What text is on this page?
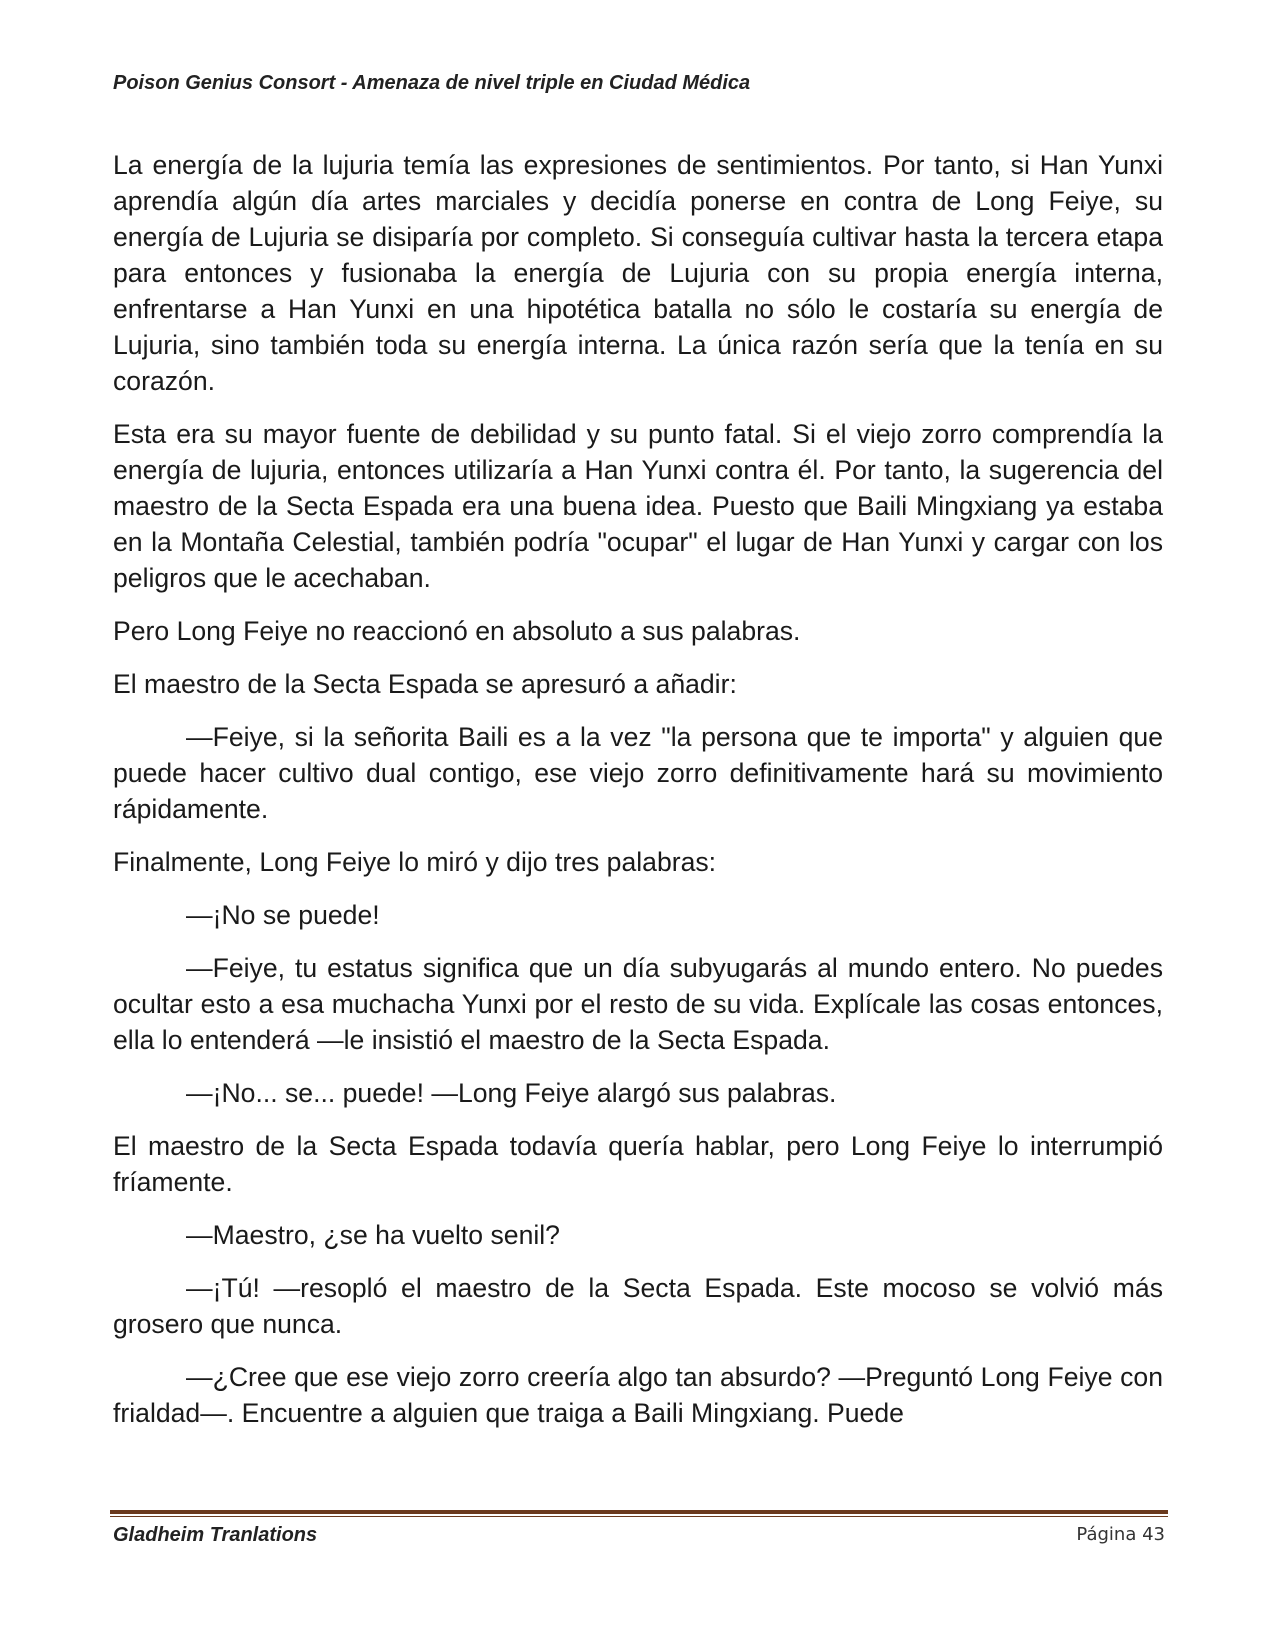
Poison Genius Consort - Amenaza de nivel triple en Ciudad Médica

La energía de la lujuria temía las expresiones de sentimientos. Por tanto, si Han Yunxi aprendía algún día artes marciales y decidía ponerse en contra de Long Feiye, su energía de Lujuria se disiparía por completo. Si conseguía cultivar hasta la tercera etapa para entonces y fusionaba la energía de Lujuria con su propia energía interna, enfrentarse a Han Yunxi en una hipotética batalla no sólo le costaría su energía de Lujuria, sino también toda su energía interna. La única razón sería que la tenía en su corazón.

Esta era su mayor fuente de debilidad y su punto fatal. Si el viejo zorro comprendía la energía de lujuria, entonces utilizaría a Han Yunxi contra él. Por tanto, la sugerencia del maestro de la Secta Espada era una buena idea. Puesto que Baili Mingxiang ya estaba en la Montaña Celestial, también podría "ocupar" el lugar de Han Yunxi y cargar con los peligros que le acechaban.

Pero Long Feiye no reaccionó en absoluto a sus palabras.

El maestro de la Secta Espada se apresuró a añadir:

—Feiye, si la señorita Baili es a la vez "la persona que te importa" y alguien que puede hacer cultivo dual contigo, ese viejo zorro definitivamente hará su movimiento rápidamente.

Finalmente, Long Feiye lo miró y dijo tres palabras:

—¡No se puede!

—Feiye, tu estatus significa que un día subyugarás al mundo entero. No puedes ocultar esto a esa muchacha Yunxi por el resto de su vida. Explícale las cosas entonces, ella lo entenderá —le insistió el maestro de la Secta Espada.

—¡No... se... puede! —Long Feiye alargó sus palabras.

El maestro de la Secta Espada todavía quería hablar, pero Long Feiye lo interrumpió fríamente.

—Maestro, ¿se ha vuelto senil?

—¡Tú! —resopló el maestro de la Secta Espada. Este mocoso se volvió más grosero que nunca.

—¿Cree que ese viejo zorro creería algo tan absurdo? —Preguntó Long Feiye con frialdad—. Encuentre a alguien que traiga a Baili Mingxiang. Puede

Gladheim Tranlations	Página 43
